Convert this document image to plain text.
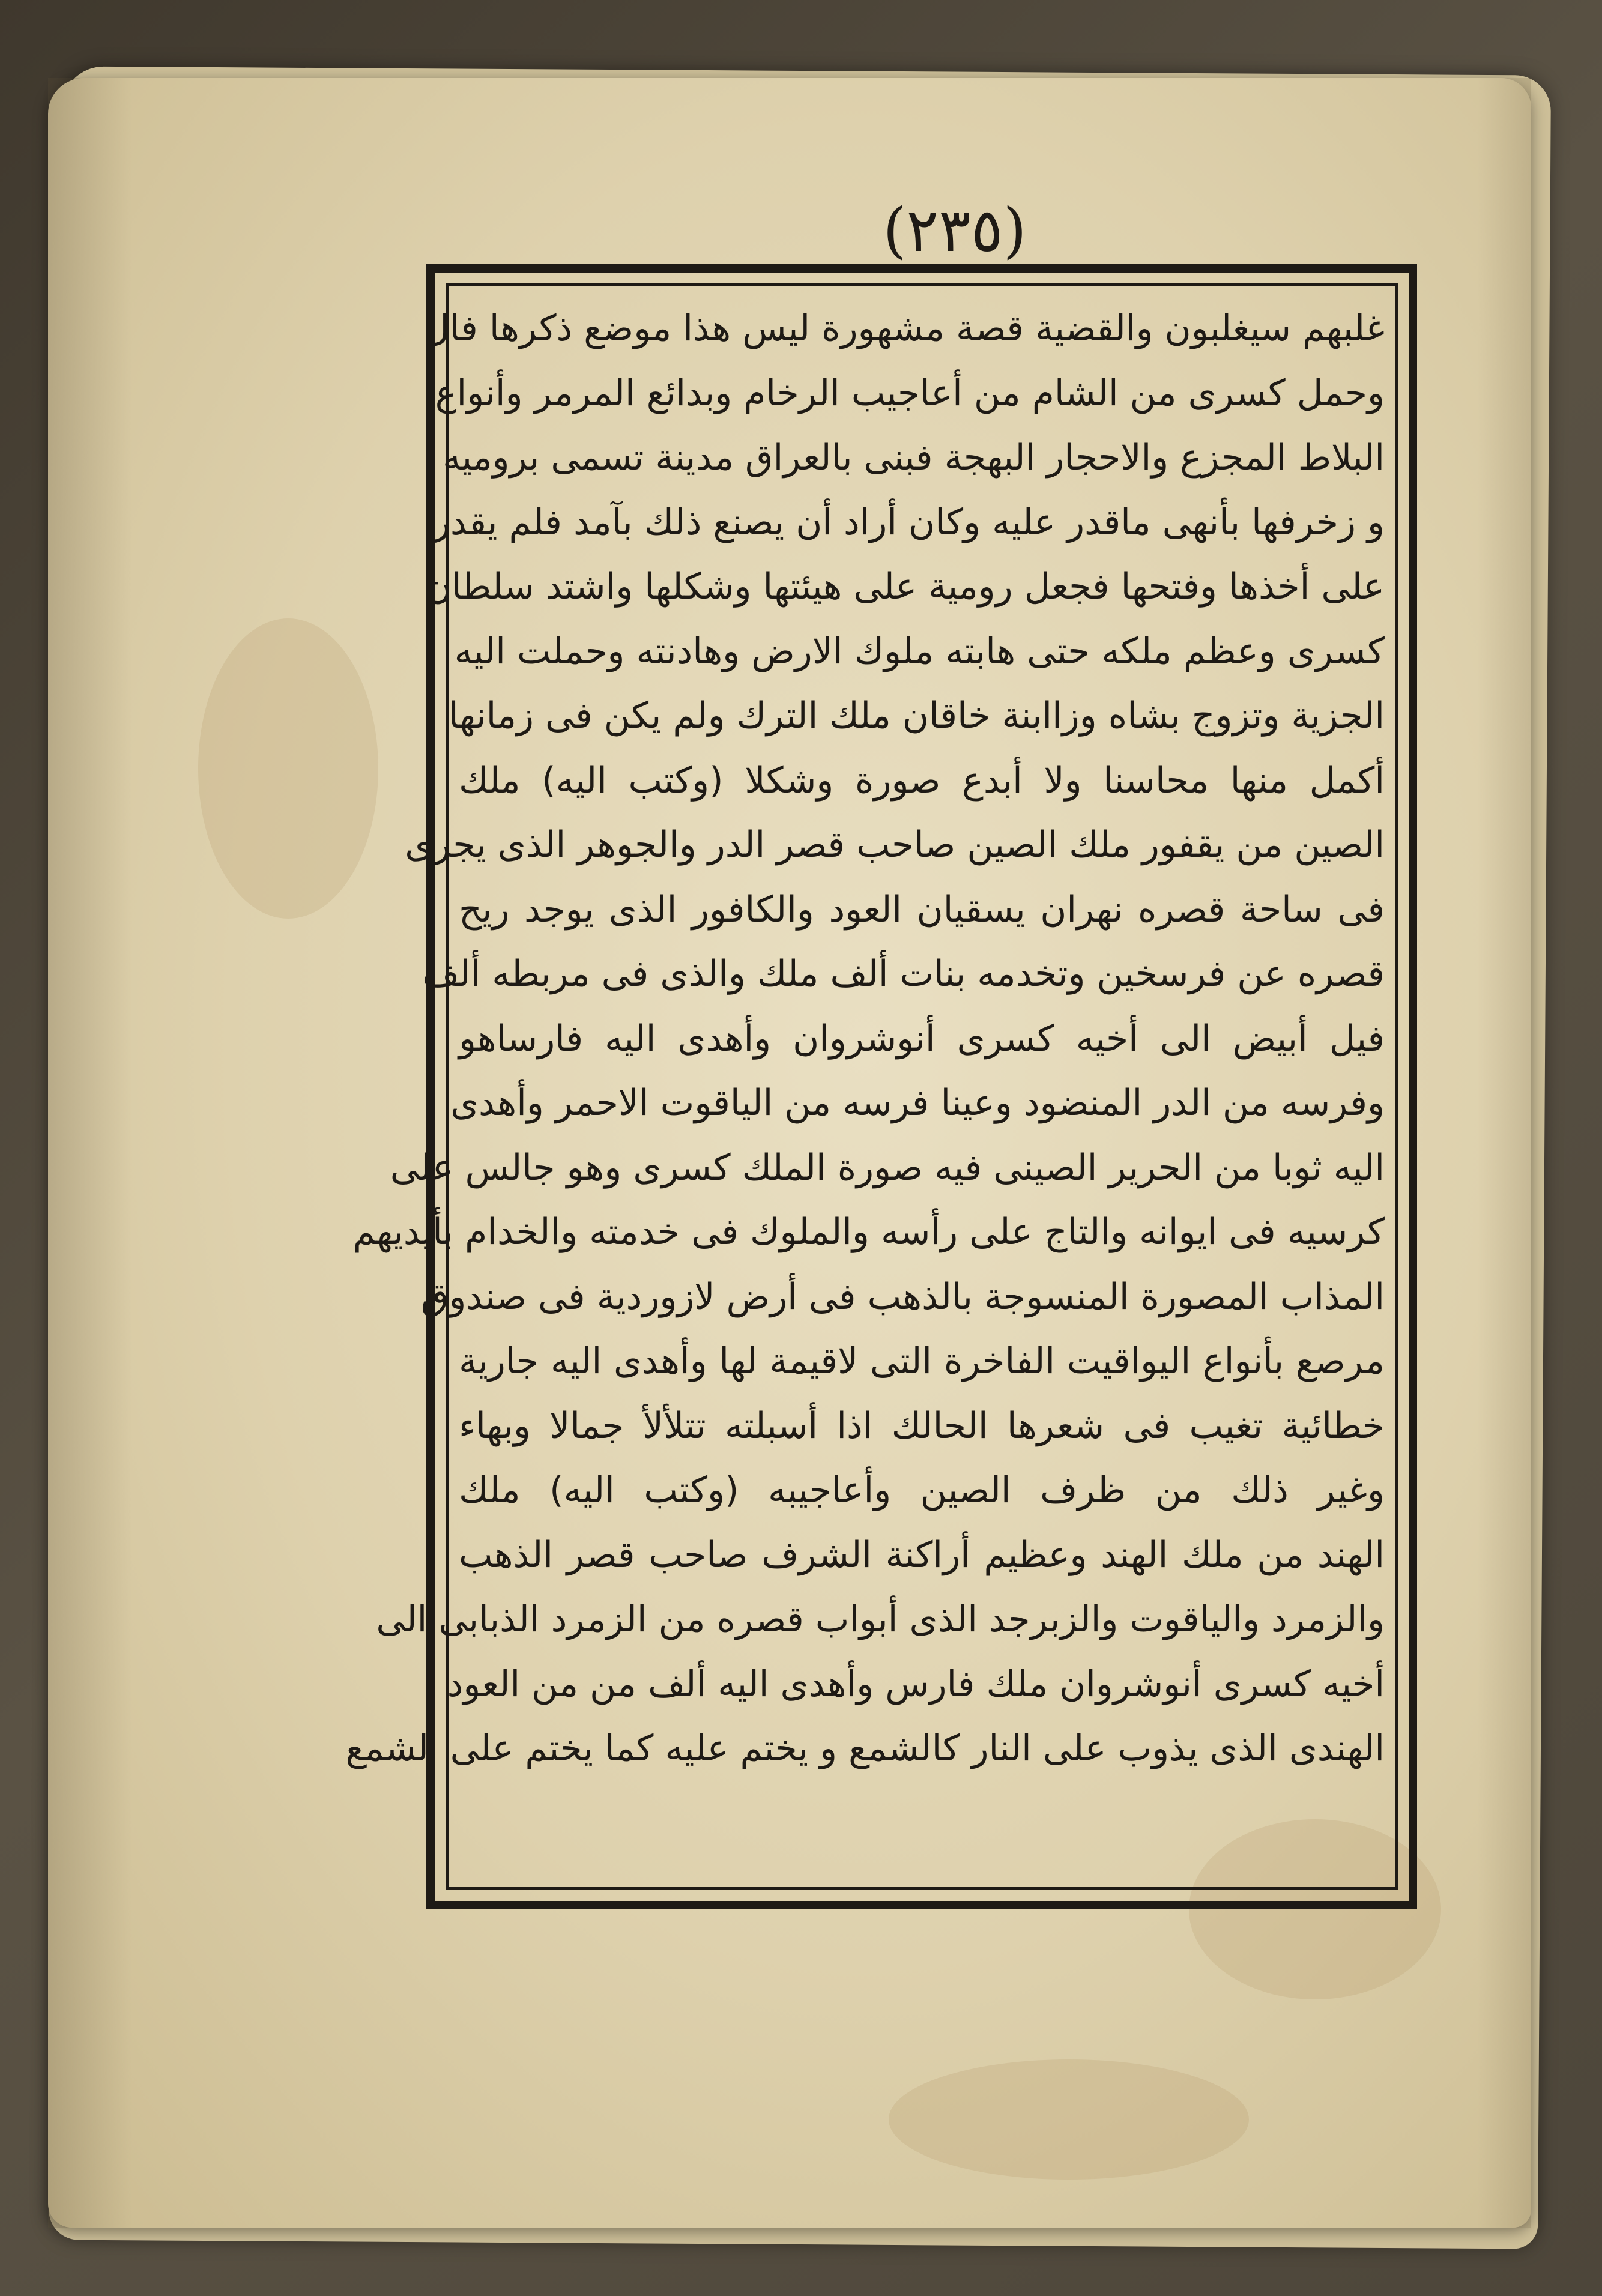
(٢٣٥)
غلبهم سيغلبون والقضية قصة مشهورة ليس هذا موضع ذكرها فال
وحمل كسرى من الشام من أعاجيب الرخام وبدائع المرمر وأنواع
البلاط المجزع والاحجار البهجة فبنى بالعراق مدينة تسمى بروميه
و زخرفها بأنهى ماقدر عليه وكان أراد أن يصنع ذلك بآمد فلم يقدر
على أخذها وفتحها فجعل رومية على هيئتها وشكلها واشتد سلطان
كسرى وعظم ملكه حتى هابته ملوك الارض وهادنته وحملت اليه
الجزية وتزوج بشاه وزاابنة خاقان ملك الترك ولم يكن فى زمانها
أكمل منها محاسنا ولا أبدع صورة وشكلا (وكتب اليه) ملك
الصين من يقفور ملك الصين صاحب قصر الدر والجوهر الذى يجرى
فى ساحة قصره نهران يسقيان العود والكافور الذى يوجد ريح
قصره عن فرسخين وتخدمه بنات ألف ملك والذى فى مربطه ألف
فيل أبيض الى أخيه كسرى أنوشروان وأهدى اليه فارساهو
وفرسه من الدر المنضود وعينا فرسه من الياقوت الاحمر وأهدى
اليه ثوبا من الحرير الصينى فيه صورة الملك كسرى وهو جالس على
كرسيه فى ايوانه والتاج على رأسه والملوك فى خدمته والخدام بأيديهم
المذاب المصورة المنسوجة بالذهب فى أرض لازوردية فى صندوق
مرصع بأنواع اليواقيت الفاخرة التى لاقيمة لها وأهدى اليه جارية
خطائية تغيب فى شعرها الحالك اذا أسبلته تتلألأ جمالا وبهاء
وغير ذلك من ظرف الصين وأعاجيبه (وكتب اليه) ملك
الهند من ملك الهند وعظيم أراكنة الشرف صاحب قصر الذهب
والزمرد والياقوت والزبرجد الذى أبواب قصره من الزمرد الذبابى الى
أخيه كسرى أنوشروان ملك فارس وأهدى اليه ألف من من العود
الهندى الذى يذوب على النار كالشمع و يختم عليه كما يختم على الشمع
